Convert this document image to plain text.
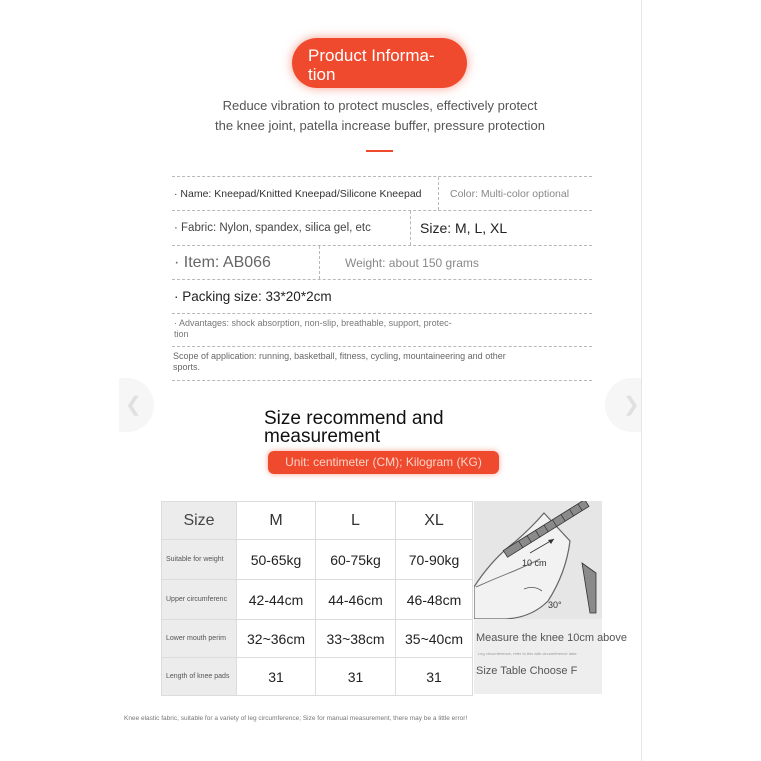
Product Informa-tion
Reduce vibration to protect muscles, effectively protect
the knee joint, patella increase buffer, pressure protection
· Name: Kneepad/Knitted Kneepad/Silicone Kneepad	Color: Multi-color optional
· Fabric: Nylon, spandex, silica gel, etc	Size: M, L, XL
· Item: AB066	Weight: about 150 grams
· Packing size: 33*20*2cm
· Advantages: shock absorption, non-slip, breathable, support, protec-
tion
Scope of application: running, basketball, fitness, cycling, mountaineering and other
sports.
Size recommend and
measurement
Unit: centimeter (CM); Kilogram (KG)
Size	M	L	XL
Suitable for weight	50-65kg	60-75kg	70-90kg
Upper circumferenc	42-44cm	44-46cm	46-48cm
Lower mouth perim	32~36cm	33~38cm	35~40cm
Length of knee pads	31	31	31
10 cm
30°
Measure the knee 10cm above
Leg circumference, refer to this with circumference data
Size Table Choose F
Knee elastic fabric, suitable for a variety of leg circumference; Size for manual measurement, there may be a little error!
❮	❯
